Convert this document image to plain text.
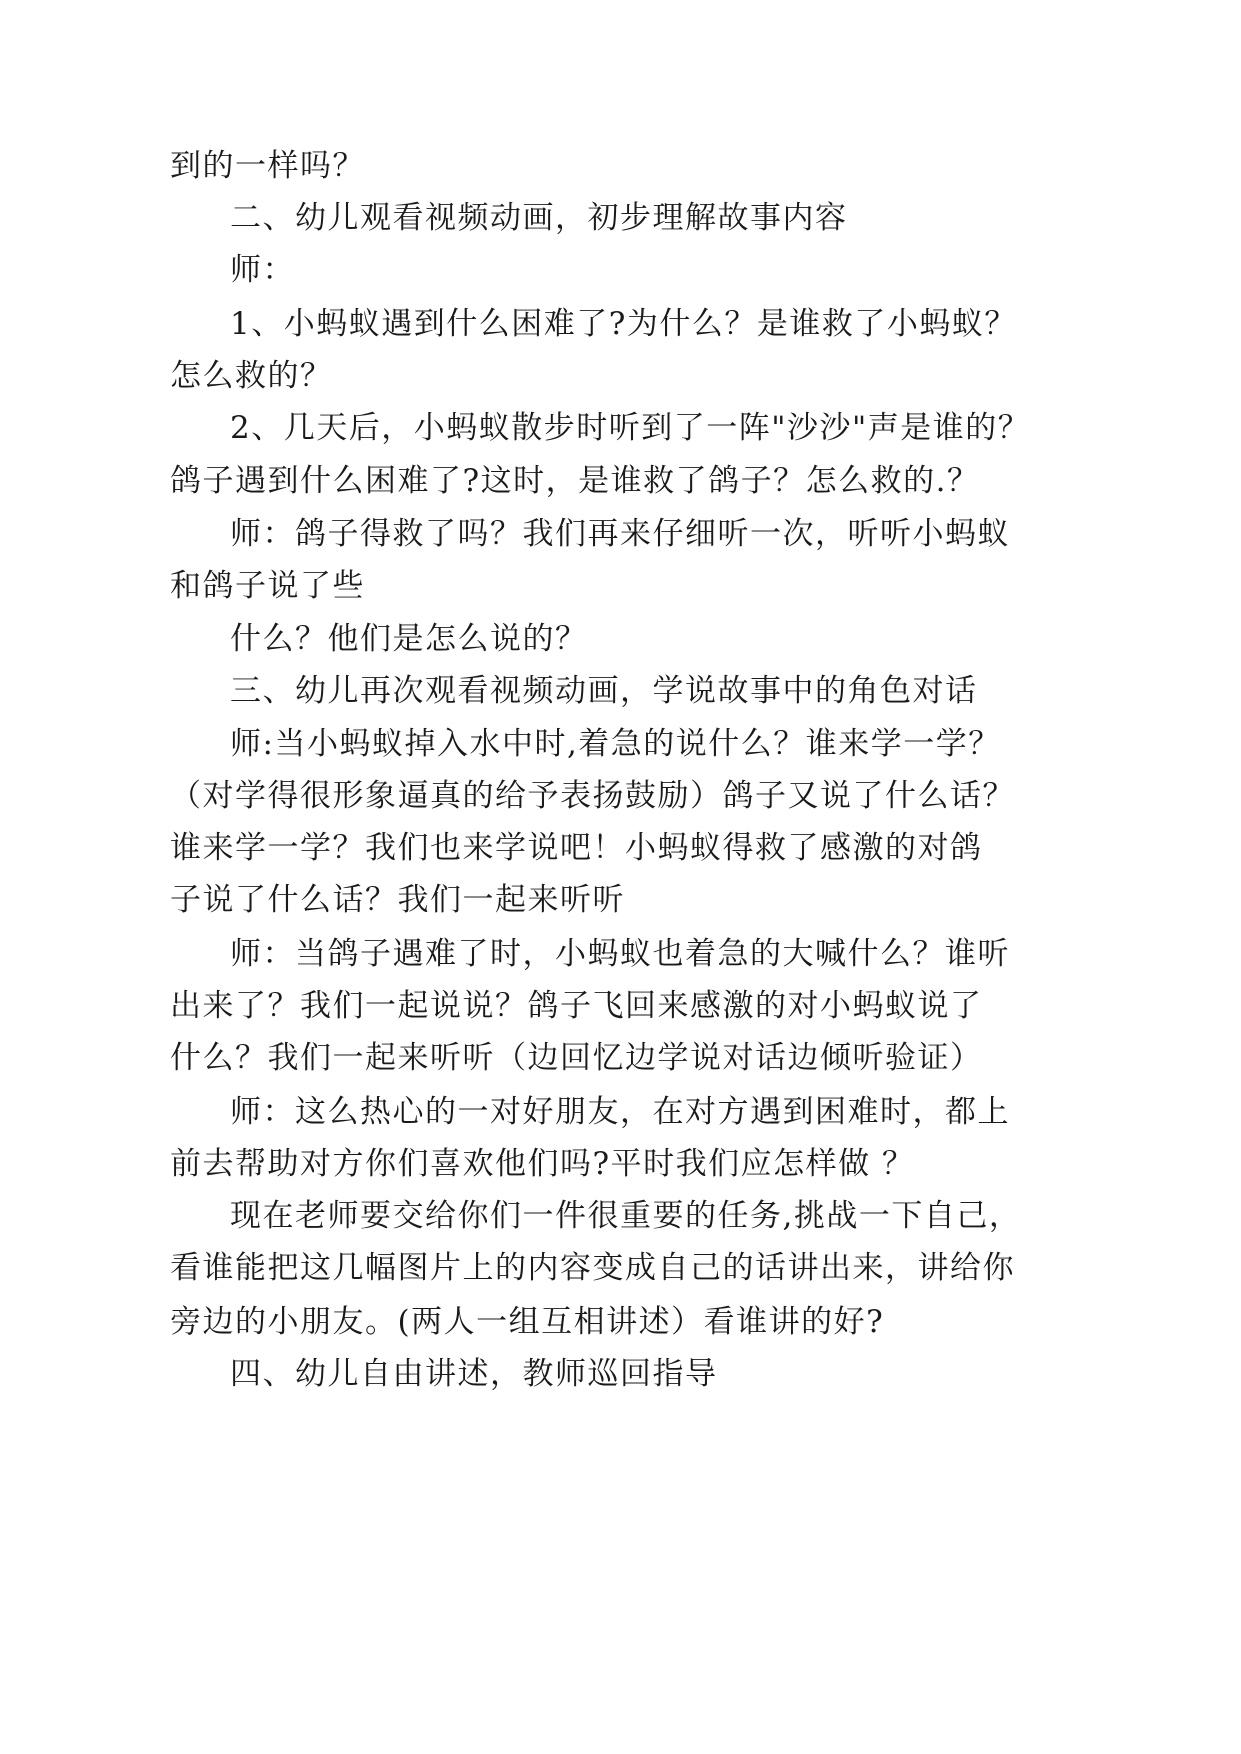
到的一样吗？
二、幼儿观看视频动画，初步理解故事内容
师：
1、小蚂蚁遇到什么困难了?为什么？是谁救了小蚂蚁？
怎么救的？
2、几天后，小蚂蚁散步时听到了一阵"沙沙"声是谁的？
鸽子遇到什么困难了?这时，是谁救了鸽子？怎么救的.？
师：鸽子得救了吗？我们再来仔细听一次，听听小蚂蚁
和鸽子说了些
什么？他们是怎么说的？
三、幼儿再次观看视频动画，学说故事中的角色对话
师:当小蚂蚁掉入水中时,着急的说什么？谁来学一学？
（对学得很形象逼真的给予表扬鼓励）鸽子又说了什么话？
谁来学一学？我们也来学说吧！小蚂蚁得救了感激的对鸽
子说了什么话？我们一起来听听
师：当鸽子遇难了时，小蚂蚁也着急的大喊什么？谁听
出来了？我们一起说说？鸽子飞回来感激的对小蚂蚁说了
什么？我们一起来听听（边回忆边学说对话边倾听验证）
师：这么热心的一对好朋友，在对方遇到困难时，都上
前去帮助对方你们喜欢他们吗?平时我们应怎样做 ？
现在老师要交给你们一件很重要的任务,挑战一下自己，
看谁能把这几幅图片上的内容变成自己的话讲出来，讲给你
旁边的小朋友。(两人一组互相讲述）看谁讲的好?
四、幼儿自由讲述，教师巡回指导
